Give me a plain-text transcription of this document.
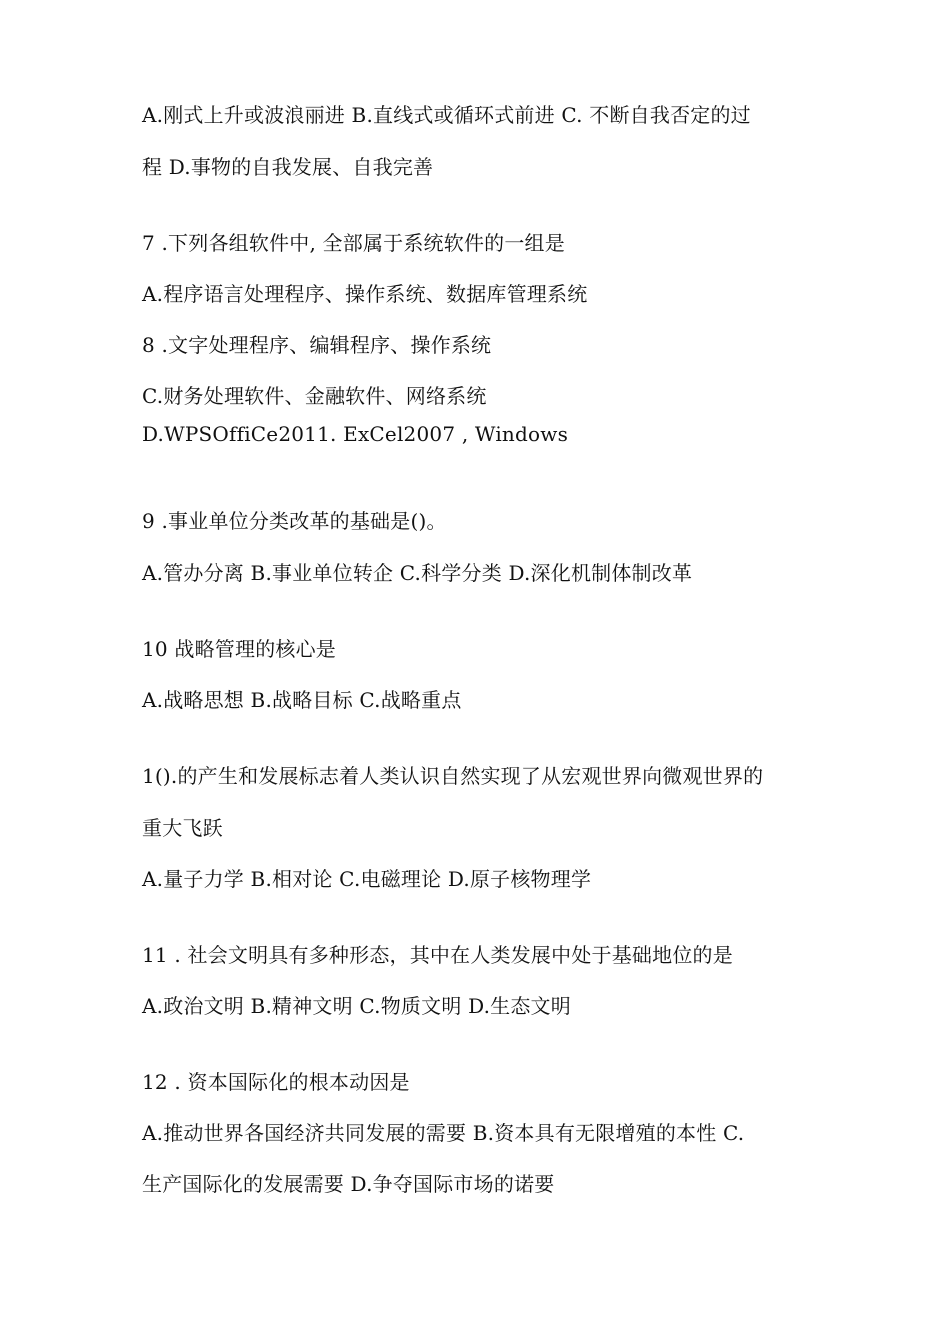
A.刚式上升或波浪丽进 B.直线式或循环式前进 C. 不断自我否定的过
程 D.事物的自我发展、自我完善
7 .下列各组软件中, 全部属于系统软件的一组是
A.程序语言处理程序、操作系统、数据库管理系统
8 .文字处理程序、编辑程序、操作系统
C.财务处理软件、金融软件、网络系统
D.WPSOffiCe2011. ExCel2007 , Windows
9 .事业单位分类改革的基础是()。
A.管办分离 B.事业单位转企 C.科学分类 D.深化机制体制改革
10 战略管理的核心是
A.战略思想 B.战略目标 C.战略重点
1().的产生和发展标志着人类认识自然实现了从宏观世界向微观世界的
重大飞跃
A.量子力学 B.相对论 C.电磁理论 D.原子核物理学
11 . 社会文明具有多种形态，其中在人类发展中处于基础地位的是
A.政治文明 B.精神文明 C.物质文明 D.生态文明
12 . 资本国际化的根本动因是
A.推动世界各国经济共同发展的需要 B.资本具有无限增殖的本性 C.
生产国际化的发展需要 D.争夺国际市场的诺要
